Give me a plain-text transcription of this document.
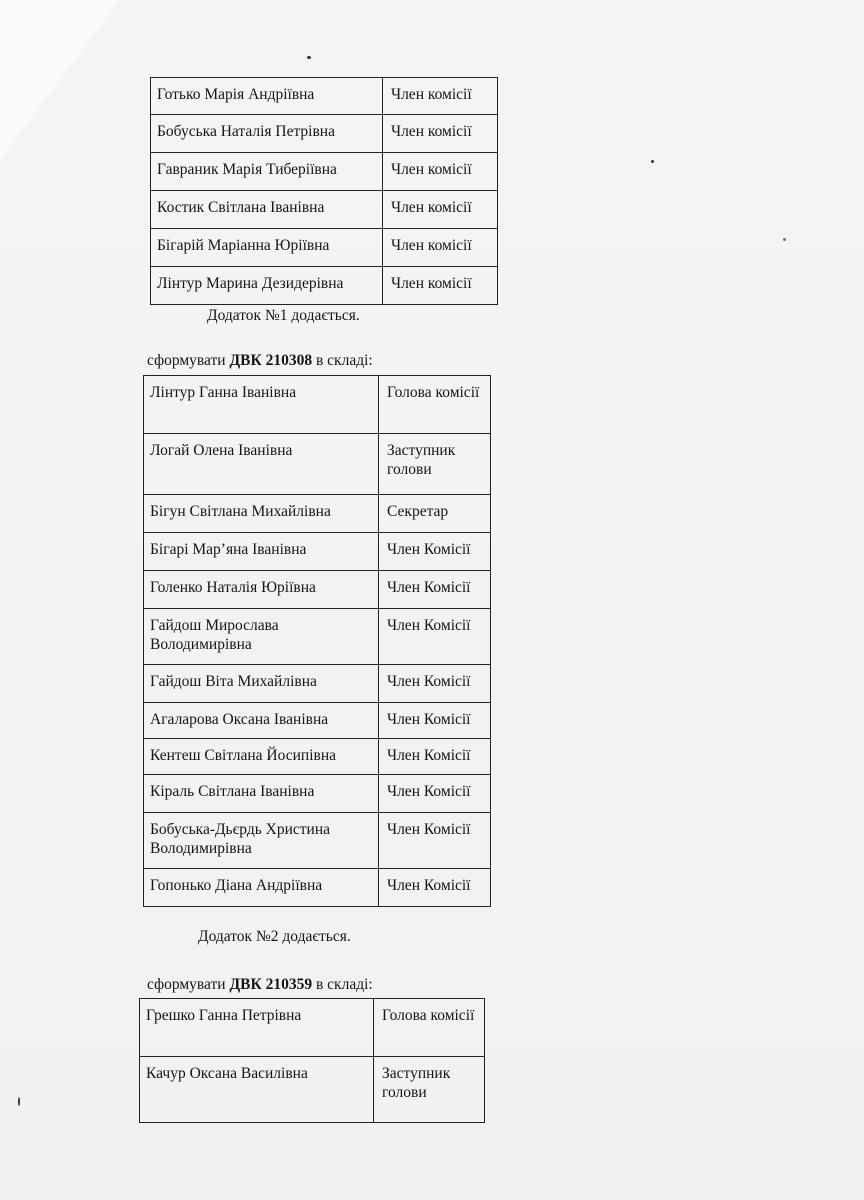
Готько Марія Андріївна	Член комісії
Бобуська Наталія Петрівна	Член комісії
Гаврaник Марія Тиберіївна	Член комісії
Костик Світлана Іванівна	Член комісії
Бігарій Маріанна Юріївна	Член комісії
Лінтур Марина Дезидерівна	Член комісії
Додаток №1 додається.
сформувати ДВК 210308 в складі:
Лінтур Ганна Іванівна	Голова комісії
Логай Олена Іванівна	Заступник голови
Бігун Світлана Михайлівна	Секретар
Бігарі Мар’яна Іванівна	Член Комісії
Голенко Наталія Юріївна	Член Комісії
Гайдош Мирослава Володимирівна	Член Комісії
Гайдош Віта Михайлівна	Член Комісії
Агаларова Оксана Іванівна	Член Комісії
Кентеш Світлана Йосипівна	Член Комісії
Кіраль Світлана Іванівна	Член Комісії
Бобуська-Дьєрдь Христина Володимирівна	Член Комісії
Гопонько Діана Андріївна	Член Комісії
Додаток №2 додається.
сформувати ДВК 210359 в складі:
Грешко Ганна Петрівна	Голова комісії
Качур Оксана Василівна	Заступник голови
